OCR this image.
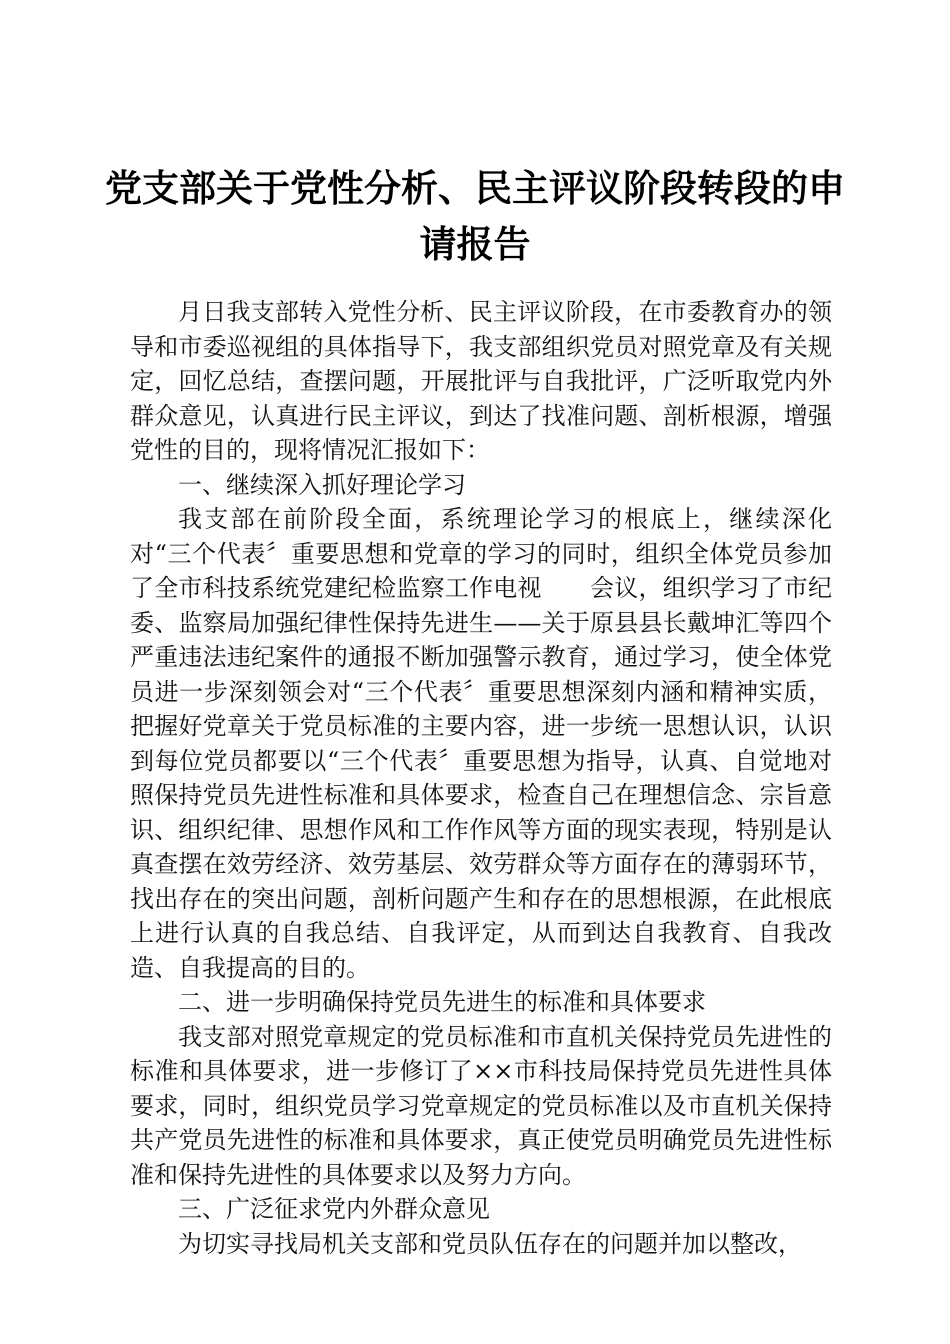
党支部关于党性分析、民主评议阶段转段的申请报告

月日我支部转入党性分析、民主评议阶段，在市委教育办的领导和市委巡视组的具体指导下，我支部组织党员对照党章及有关规定，回忆总结，查摆问题，开展批评与自我批评，广泛听取党内外群众意见，认真进行民主评议，到达了找准问题、剖析根源，增强党性的目的，现将情况汇报如下：

一、继续深入抓好理论学习

我支部在前阶段全面，系统理论学习的根底上，继续深化对“三个代表〞重要思想和党章的学习的同时，组织全体党员参加了全市科技系统党建纪检监察工作电视　　会议，组织学习了市纪委、监察局加强纪律性保持先进生——关于原县县长戴坤汇等四个严重违法违纪案件的通报不断加强警示教育，通过学习，使全体党员进一步深刻领会对“三个代表〞重要思想深刻内涵和精神实质，把握好党章关于党员标准的主要内容，进一步统一思想认识，认识到每位党员都要以“三个代表〞重要思想为指导，认真、自觉地对照保持党员先进性标准和具体要求，检查自己在理想信念、宗旨意识、组织纪律、思想作风和工作作风等方面的现实表现，特别是认真查摆在效劳经济、效劳基层、效劳群众等方面存在的薄弱环节，找出存在的突出问题，剖析问题产生和存在的思想根源，在此根底上进行认真的自我总结、自我评定，从而到达自我教育、自我改造、自我提高的目的。

二、进一步明确保持党员先进生的标准和具体要求

我支部对照党章规定的党员标准和市直机关保持党员先进性的标准和具体要求，进一步修订了××市科技局保持党员先进性具体要求，同时，组织党员学习党章规定的党员标准以及市直机关保持共产党员先进性的标准和具体要求，真正使党员明确党员先进性标准和保持先进性的具体要求以及努力方向。

三、广泛征求党内外群众意见

为切实寻找局机关支部和党员队伍存在的问题并加以整改，
